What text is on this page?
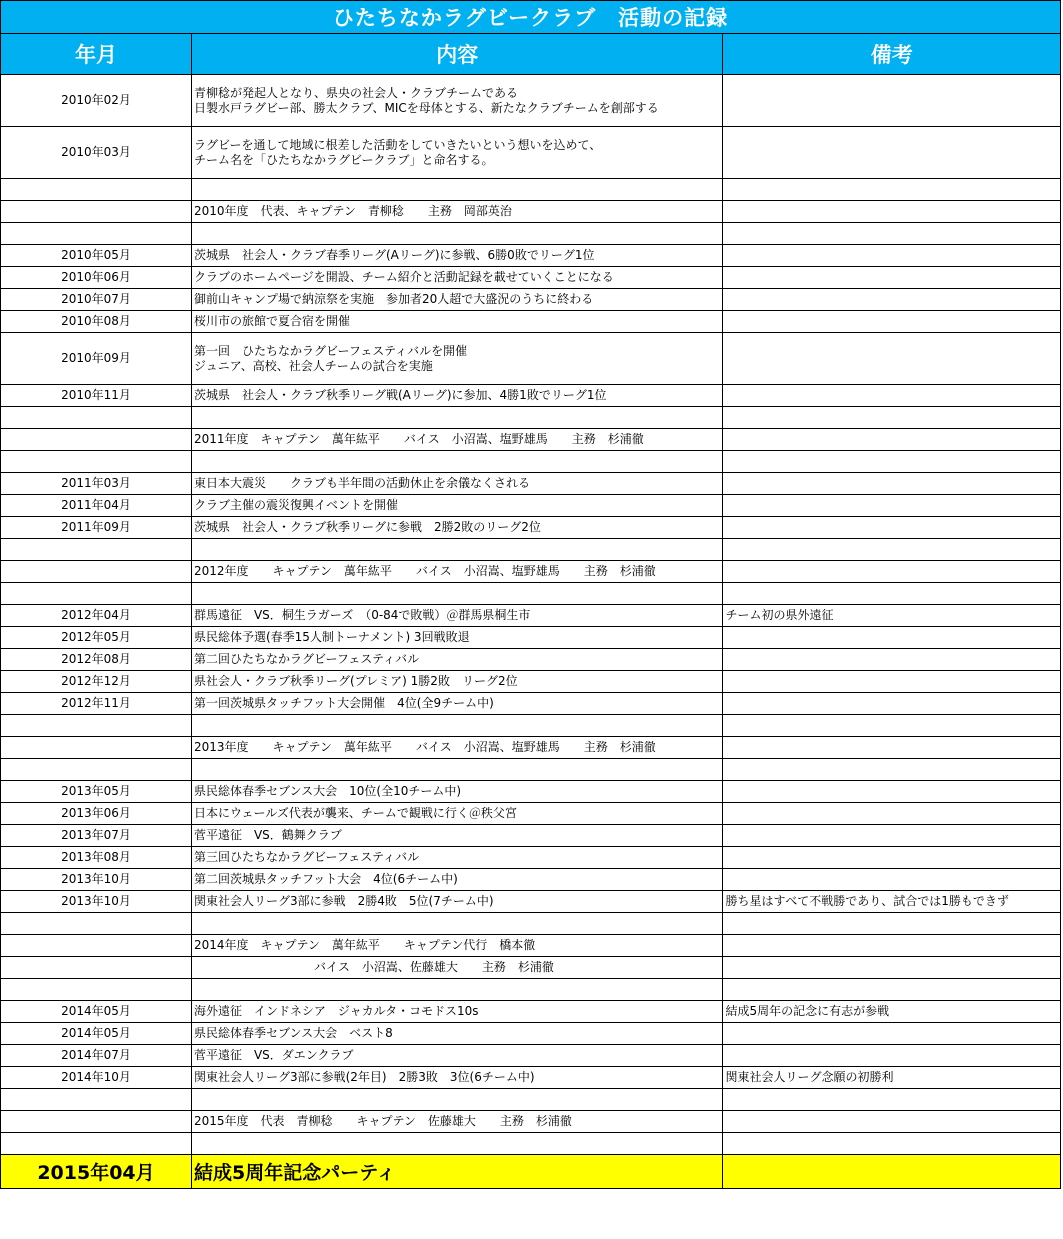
ひたちなかラグビークラブ　活動の記録		
年月	内容	備考
2010年02月	青柳稔が発起人となり、県央の社会人・クラブチームである
日製水戸ラグビー部、勝太クラブ、MICを母体とする、新たなクラブチームを創部する	

2010年03月	ラグビーを通して地域に根差した活動をしていきたいという想いを込めて、
チーム名を「ひたちなかラグビークラブ」と命名する。	

	2010年度　代表、キャプテン　青柳稔　　主務　岡部英治	

2010年05月	茨城県　社会人・クラブ春季リーグ(Aリーグ)に参戦、6勝0敗でリーグ1位	
2010年06月	クラブのホームページを開設、チーム紹介と活動記録を載せていくことになる	
2010年07月	御前山キャンプ場で納涼祭を実施　参加者20人超で大盛況のうちに終わる	
2010年08月	桜川市の旅館で夏合宿を開催	
2010年09月	第一回　ひたちなかラグビーフェスティバルを開催
ジュニア、高校、社会人チームの試合を実施	

2010年11月	茨城県　社会人・クラブ秋季リーグ戦(Aリーグ)に参加、4勝1敗でリーグ1位	

	2011年度　キャプテン　萬年紘平　　バイス　小沼嵩、塩野雄馬　　主務　杉浦徹	

2011年03月	東日本大震災　　クラブも半年間の活動休止を余儀なくされる	
2011年04月	クラブ主催の震災復興イベントを開催	
2011年09月	茨城県　社会人・クラブ秋季リーグに参戦　2勝2敗のリーグ2位	

	2012年度　　キャプテン　萬年紘平　　バイス　小沼嵩、塩野雄馬　　主務　杉浦徹	

2012年04月	群馬遠征　VS．桐生ラガーズ　（0-84で敗戦）＠群馬県桐生市	チーム初の県外遠征
2012年05月	県民総体予選(春季15人制トーナメント) 3回戦敗退	
2012年08月	第二回ひたちなかラグビーフェスティバル	
2012年12月	県社会人・クラブ秋季リーグ(プレミア) 1勝2敗　リーグ2位	
2012年11月	第一回茨城県タッチフット大会開催　4位(全9チーム中)	

	2013年度　　キャプテン　萬年紘平　　バイス　小沼嵩、塩野雄馬　　主務　杉浦徹	

2013年05月	県民総体春季セブンス大会　10位(全10チーム中)	
2013年06月	日本にウェールズ代表が襲来、チームで観戦に行く＠秩父宮	
2013年07月	菅平遠征　VS．鶴舞クラブ	
2013年08月	第三回ひたちなかラグビーフェスティバル	
2013年10月	第二回茨城県タッチフット大会　4位(6チーム中)	
2013年10月	関東社会人リーグ3部に参戦　2勝4敗　5位(7チーム中)	勝ち星はすべて不戦勝であり、試合では1勝もできず

	2014年度　キャプテン　萬年紘平　　キャプテン代行　橋本徹	
	　　　　　　　　　　バイス　小沼嵩、佐藤雄大　　主務　杉浦徹	

2014年05月	海外遠征　インドネシア　ジャカルタ・コモドス10s	結成5周年の記念に有志が参戦
2014年05月	県民総体春季セブンス大会　ベスト8	
2014年07月	菅平遠征　VS．ダエンクラブ	
2014年10月	関東社会人リーグ3部に参戦(2年目)　2勝3敗　3位(6チーム中)	関東社会人リーグ念願の初勝利

	2015年度　代表　青柳稔　　キャプテン　佐藤雄大　　主務　杉浦徹	

2015年04月	結成5周年記念パーティ	
